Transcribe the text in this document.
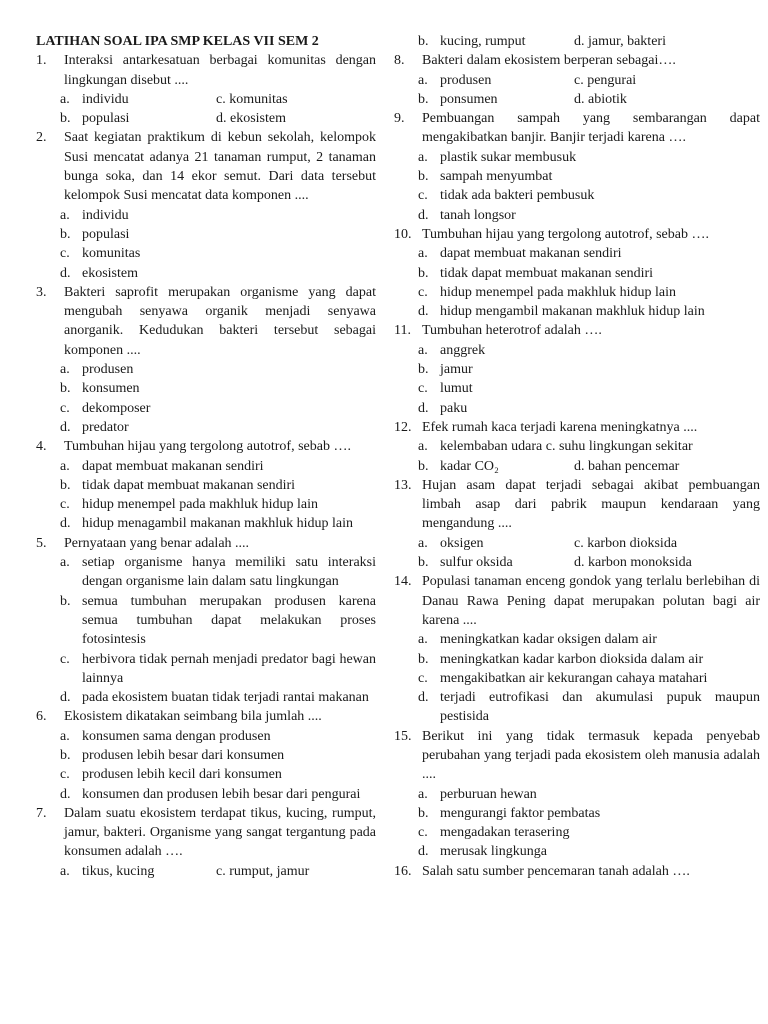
LATIHAN SOAL IPA SMP KELAS VII SEM 2
1.	Interaksi antarkesatuan berbagai komunitas dengan lingkungan disebut ....
a. individu	c. komunitas
b. populasi	d. ekosistem
2.	Saat kegiatan praktikum di kebun sekolah, kelompok Susi mencatat adanya 21 tanaman rumput, 2 tanaman bunga soka, dan 14 ekor semut. Dari data tersebut kelompok Susi mencatat data komponen ....
a. individu
b. populasi
c. komunitas
d. ekosistem
3.	Bakteri saprofit merupakan organisme yang dapat mengubah senyawa organik menjadi senyawa anorganik. Kedudukan bakteri tersebut sebagai komponen ....
a. produsen
b. konsumen
c. dekomposer
d. predator
4.	Tumbuhan hijau yang tergolong autotrof, sebab ….
a. dapat membuat makanan sendiri
b. tidak dapat membuat makanan sendiri
c. hidup menempel pada makhluk hidup lain
d. hidup menagambil makanan makhluk hidup lain
5.	Pernyataan yang benar adalah ....
a. setiap organisme hanya memiliki satu interaksi dengan organisme lain dalam satu lingkungan
b. semua tumbuhan merupakan produsen karena semua tumbuhan dapat melakukan proses fotosintesis
c. herbivora tidak pernah menjadi predator bagi hewan lainnya
d. pada ekosistem buatan tidak terjadi rantai makanan
6.	Ekosistem dikatakan seimbang bila jumlah ....
a. konsumen sama dengan produsen
b. produsen lebih besar dari konsumen
c. produsen lebih kecil dari konsumen
d. konsumen dan produsen lebih besar dari pengurai
7.	Dalam suatu ekosistem terdapat tikus, kucing, rumput, jamur, bakteri. Organisme yang sangat tergantung pada konsumen adalah ….
a. tikus, kucing	c. rumput, jamur
b. kucing, rumput	d. jamur, bakteri
8.	Bakteri dalam ekosistem berperan sebagai….
a. produsen	c. pengurai
b. ponsumen	d. abiotik
9.	Pembuangan sampah yang sembarangan dapat mengakibatkan banjir. Banjir terjadi karena ….
a. plastik sukar membusuk
b. sampah menyumbat
c. tidak ada bakteri pembusuk
d. tanah longsor
10. Tumbuhan hijau yang tergolong autotrof, sebab ….
a. dapat membuat makanan sendiri
b. tidak dapat membuat makanan sendiri
c. hidup menempel pada makhluk hidup lain
d. hidup mengambil makanan makhluk hidup lain
11. Tumbuhan heterotrof adalah ….
a. anggrek
b. jamur
c. lumut
d. paku
12. Efek rumah kaca terjadi karena meningkatnya ....
a. kelembaban udara c. suhu lingkungan sekitar
b. kadar CO₂	d. bahan pencemar
13. Hujan asam dapat terjadi sebagai akibat pembuangan limbah asap dari pabrik maupun kendaraan yang mengandung ....
a. oksigen	c. karbon dioksida
b. sulfur oksida	d. karbon monoksida
14. Populasi tanaman enceng gondok yang terlalu berlebihan di Danau Rawa Pening dapat merupakan polutan bagi air karena ....
a. meningkatkan kadar oksigen dalam air
b. meningkatkan kadar karbon dioksida dalam air
c. mengakibatkan air kekurangan cahaya matahari
d. terjadi eutrofikasi dan akumulasi pupuk maupun pestisida
15. Berikut ini yang tidak termasuk kepada penyebab perubahan yang terjadi pada ekosistem oleh manusia adalah ....
a. perburuan hewan
b. mengurangi faktor pembatas
c. mengadakan terasering
d. merusak lingkunga
16. Salah satu sumber pencemaran tanah adalah ….
